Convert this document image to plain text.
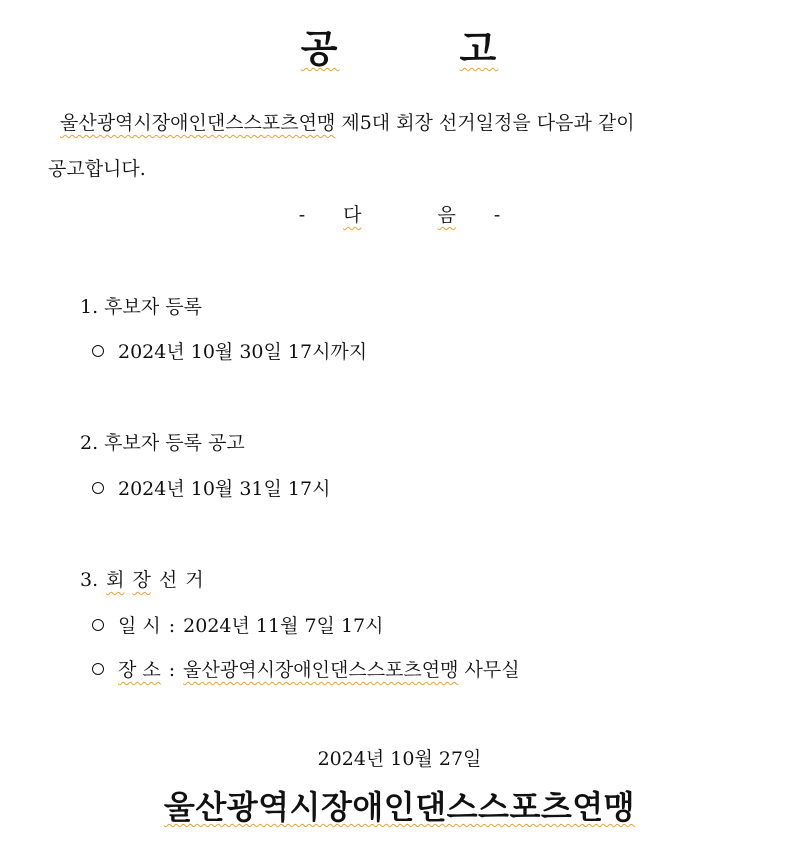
공	고
울산광역시장애인댄스스포츠연맹 제5대 회장 선거일정을 다음과 같이
공고합니다.
- 다	음 -
1. 후보자 등록
2024년 10월 30일 17시까지
2. 후보자 등록 공고
2024년 10월 31일 17시
3. 회 장 선 거
일 시 : 2024년 11월 7일 17시
장 소 : 울산광역시장애인댄스스포츠연맹 사무실
2024년 10월 27일
울산광역시장애인댄스스포츠연맹
